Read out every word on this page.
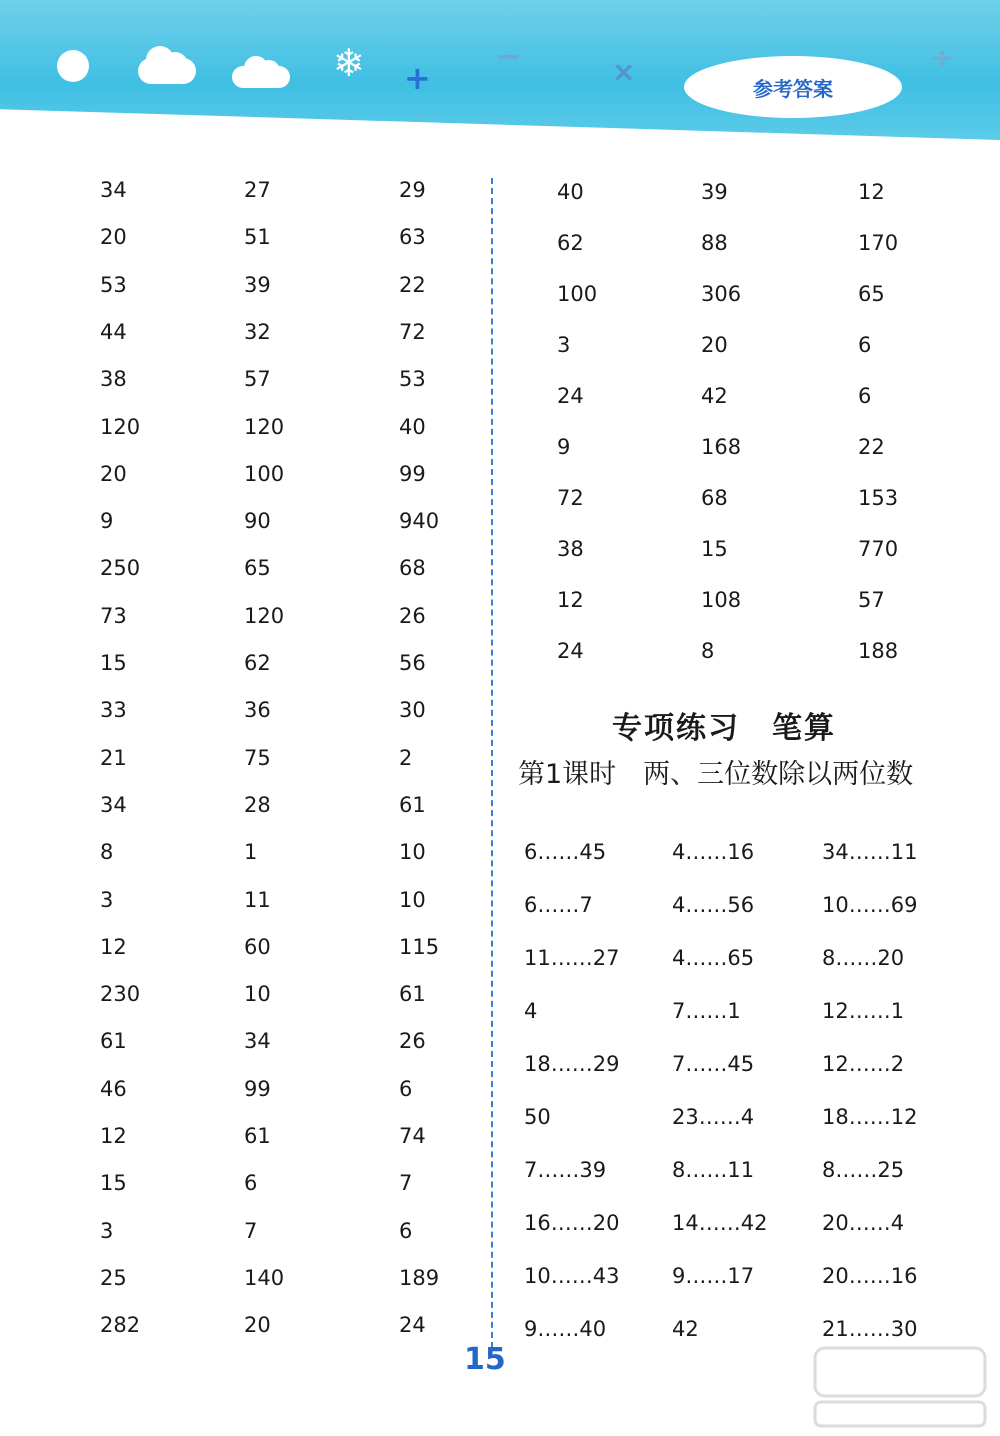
❄ +
−	×	÷
参考答案
34
20
53
44
38
120
20
9
250
73
15
33
21
34
8
3
12
230
61
46
12
15
3
25
282
27
51
39
32
57
120
100
90
65
120
62
36
75
28
1
11
60
10
34
99
61
6
7
140
20
29
63
22
72
53
40
99
940
68
26
56
30
2
61
10
10
115
61
26
6
74
7
6
189
24
40
62
100
3
24
9
72
38
12
24
39
88
306
20
42
168
68
15
108
8
12
170
65
6
6
22
153
770
57
188
6……45
6……7
11……27
4
18……29
50
7……39
16……20
10……43
9……40
4……16
4……56
4……65
7……1
7……45
23……4
8……11
14……42
9……17
42
34……11
10……69
8……20
12……1
12……2
18……12
8……25
20……4
20……16
21……30
专项练习　笔算
第1课时　两、三位数除以两位数
15
